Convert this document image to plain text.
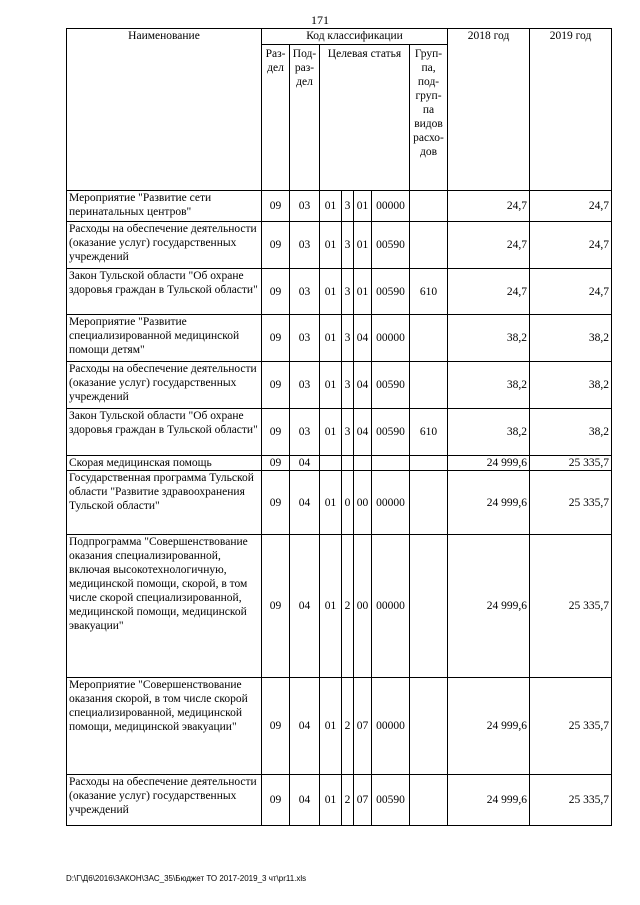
171
Наименование	Код классификации							2018 год	2019 год
	Раз-дел	Под-раз-дел	Целевая статья				Груп-па, под-груп-па видов расхо-дов		
Мероприятие "Развитие сети перинатальных центров"	09	03	01	3	01	00000		24,7	24,7
Расходы на обеспечение деятельности (оказание услуг) государственных учреждений	09	03	01	3	01	00590		24,7	24,7
Закон Тульской области "Об охране здоровья граждан в Тульской области"	09	03	01	3	01	00590	610	24,7	24,7
Мероприятие "Развитие специализированной медицинской помощи детям"	09	03	01	3	04	00000		38,2	38,2
Расходы на обеспечение деятельности (оказание услуг) государственных учреждений	09	03	01	3	04	00590		38,2	38,2
Закон Тульской области "Об охране здоровья граждан в Тульской области"	09	03	01	3	04	00590	610	38,2	38,2
Скорая медицинская помощь	09	04						24 999,6	25 335,7
Государственная программа Тульской области "Развитие здравоохранения Тульской области"	09	04	01	0	00	00000		24 999,6	25 335,7
Подпрограмма "Совершенствование оказания специализированной, включая высокотехнологичную, медицинской помощи, скорой, в том числе скорой специализированной, медицинской помощи, медицинской эвакуации"	09	04	01	2	00	00000		24 999,6	25 335,7
Мероприятие "Совершенствование оказания скорой, в том числе скорой специализированной, медицинской помощи, медицинской эвакуации"	09	04	01	2	07	00000		24 999,6	25 335,7
Расходы на обеспечение деятельности (оказание услуг) государственных учреждений	09	04	01	2	07	00590		24 999,6	25 335,7
D:\Г\Д6\2016\ЗАКОН\ЗАС_35\Бюджет ТО 2017-2019_3 чт\pr11.xls
